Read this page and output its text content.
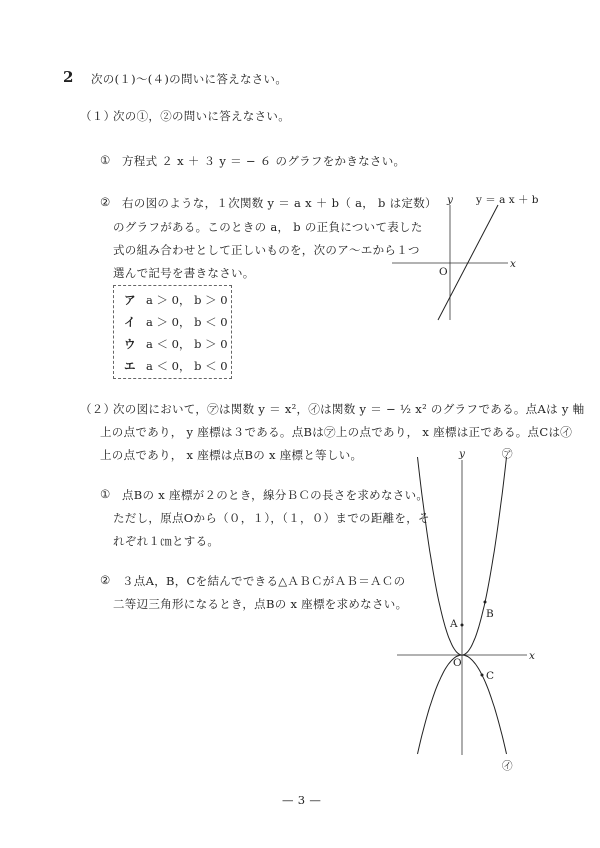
2 次の(１)〜(４)の問いに答えなさい。
（１）
次の①，②の問いに答えなさい。
① 方程式 ２ x ＋ ３ y ＝ − ６ のグラフをかきなさい。
② 右の図のような，１次関数 y ＝ a x ＋ b（ a， b は定数）
のグラフがある。このときの a， b の正負について表した
式の組み合わせとして正しいものを，次のア〜エから１つ
選んで記号を書きなさい。
ア a ＞ 0， b ＞ 0
イ a ＞ 0， b ＜ 0
ウ a ＜ 0， b ＞ 0
エ a ＜ 0， b ＜ 0
（２）
次の図において，㋐は関数 y ＝ x²，㋑は関数 y ＝ − ½ x² のグラフである。点Aは y 軸
上の点であり， y 座標は３である。点Bは㋐上の点であり， x 座標は正である。点Cは㋑
上の点であり， x 座標は点Bの x 座標と等しい。
① 点Bの x 座標が２のとき，線分ＢＣの長さを求めなさい。
ただし，原点Oから（０，１），（１，０）までの距離を，そ
れぞれ１㎝とする。
② ３点A，B，Cを結んでできる△ＡＢＣがＡＢ＝ＡＣの
二等辺三角形になるとき，点Bの x 座標を求めなさい。
y y ＝ a x ＋ b
x
O
y	㋐
㋑
x
O
A
B
C
— 3 —
